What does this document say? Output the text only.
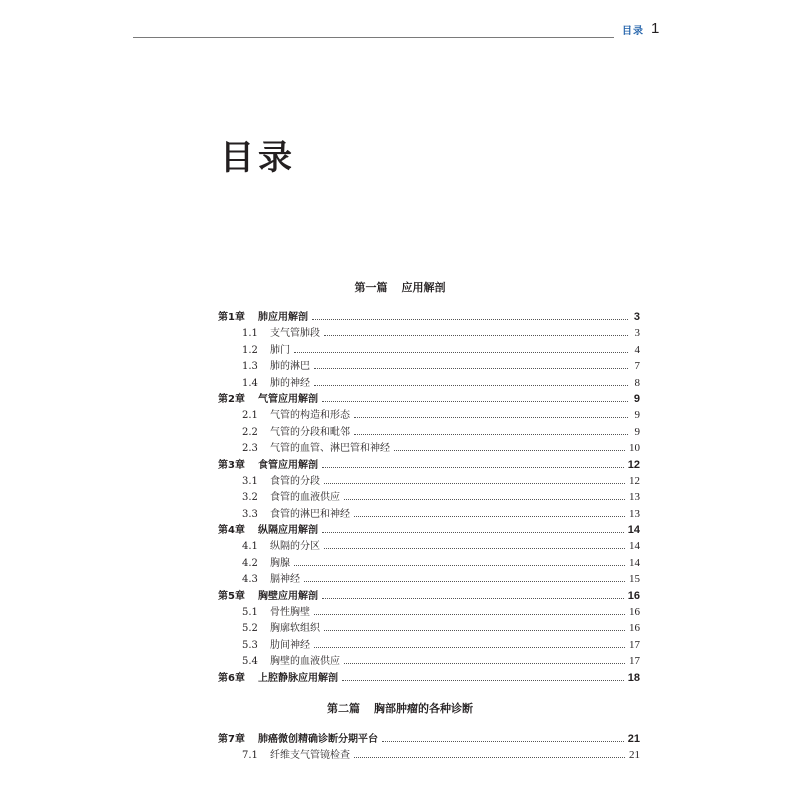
目录 1
目录
第一篇 应用解剖
第1章	肺应用解剖	3
1.1	支气管肺段	3
1.2	肺门	4
1.3	肺的淋巴	7
1.4	肺的神经	8
第2章	气管应用解剖	9
2.1	气管的构造和形态	9
2.2	气管的分段和毗邻	9
2.3	气管的血管、淋巴管和神经	10
第3章	食管应用解剖	12
3.1	食管的分段	12
3.2	食管的血液供应	13
3.3	食管的淋巴和神经	13
第4章	纵隔应用解剖	14
4.1	纵隔的分区	14
4.2	胸腺	14
4.3	膈神经	15
第5章	胸壁应用解剖	16
5.1	骨性胸壁	16
5.2	胸廓软组织	16
5.3	肋间神经	17
5.4	胸壁的血液供应	17
第6章	上腔静脉应用解剖	18
第二篇 胸部肿瘤的各种诊断
第7章	肺癌微创精确诊断分期平台	21
7.1	纤维支气管镜检查	21
